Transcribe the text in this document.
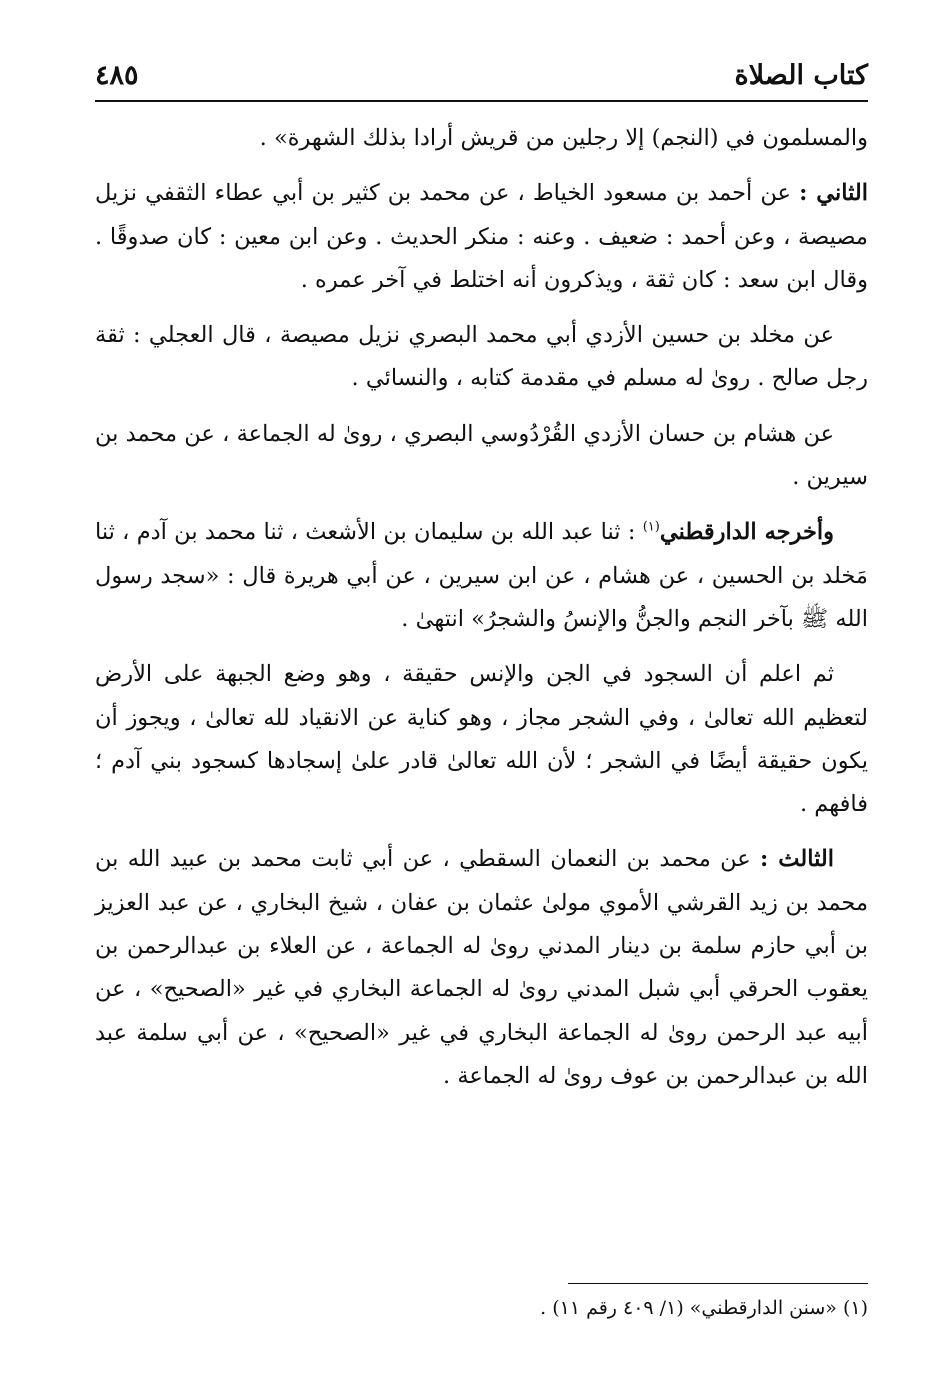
كتاب الصلاة
٤٨٥

والمسلمون في (النجم) إلا رجلين من قريش أرادا بذلك الشهرة» .

الثاني : عن أحمد بن مسعود الخياط ، عن محمد بن كثير بن أبي عطاء الثقفي نزيل مصيصة ، وعن أحمد : ضعيف . وعنه : منكر الحديث . وعن ابن معين : كان صدوقًا . وقال ابن سعد : كان ثقة ، ويذكرون أنه اختلط في آخر عمره .

عن مخلد بن حسين الأزدي أبي محمد البصري نزيل مصيصة ، قال العجلي : ثقة رجل صالح . روىٰ له مسلم في مقدمة كتابه ، والنسائي .

عن هشام بن حسان الأزدي القُرْدُوسي البصري ، روىٰ له الجماعة ، عن محمد بن سيرين .

وأخرجه الدارقطني$^{(١)}$ : ثنا عبد الله بن سليمان بن الأشعث ، ثنا محمد بن آدم ، ثنا مَخلد بن الحسين ، عن هشام ، عن ابن سيرين ، عن أبي هريرة قال : «سجد رسول الله ﷺ بآخر النجم والجنُّ والإنسُ والشجرُ» انتهىٰ .

ثم اعلم أن السجود في الجن والإنس حقيقة ، وهو وضع الجبهة على الأرض لتعظيم الله تعالىٰ ، وفي الشجر مجاز ، وهو كناية عن الانقياد لله تعالىٰ ، ويجوز أن يكون حقيقة أيضًا في الشجر ؛ لأن الله تعالىٰ قادر علىٰ إسجادها كسجود بني آدم ؛ فافهم .

الثالث : عن محمد بن النعمان السقطي ، عن أبي ثابت محمد بن عبيد الله بن محمد بن زيد القرشي الأموي مولىٰ عثمان بن عفان ، شيخ البخاري ، عن عبد العزيز بن أبي حازم سلمة بن دينار المدني روىٰ له الجماعة ، عن العلاء بن عبدالرحمن بن يعقوب الحرقي أبي شبل المدني روىٰ له الجماعة البخاري في غير «الصحيح» ، عن أبيه عبد الرحمن روىٰ له الجماعة البخاري في غير «الصحيح» ، عن أبي سلمة عبد الله بن عبدالرحمن بن عوف روىٰ له الجماعة .

(١) «سنن الدارقطني» (١/ ٤٠٩ رقم ١١) .
